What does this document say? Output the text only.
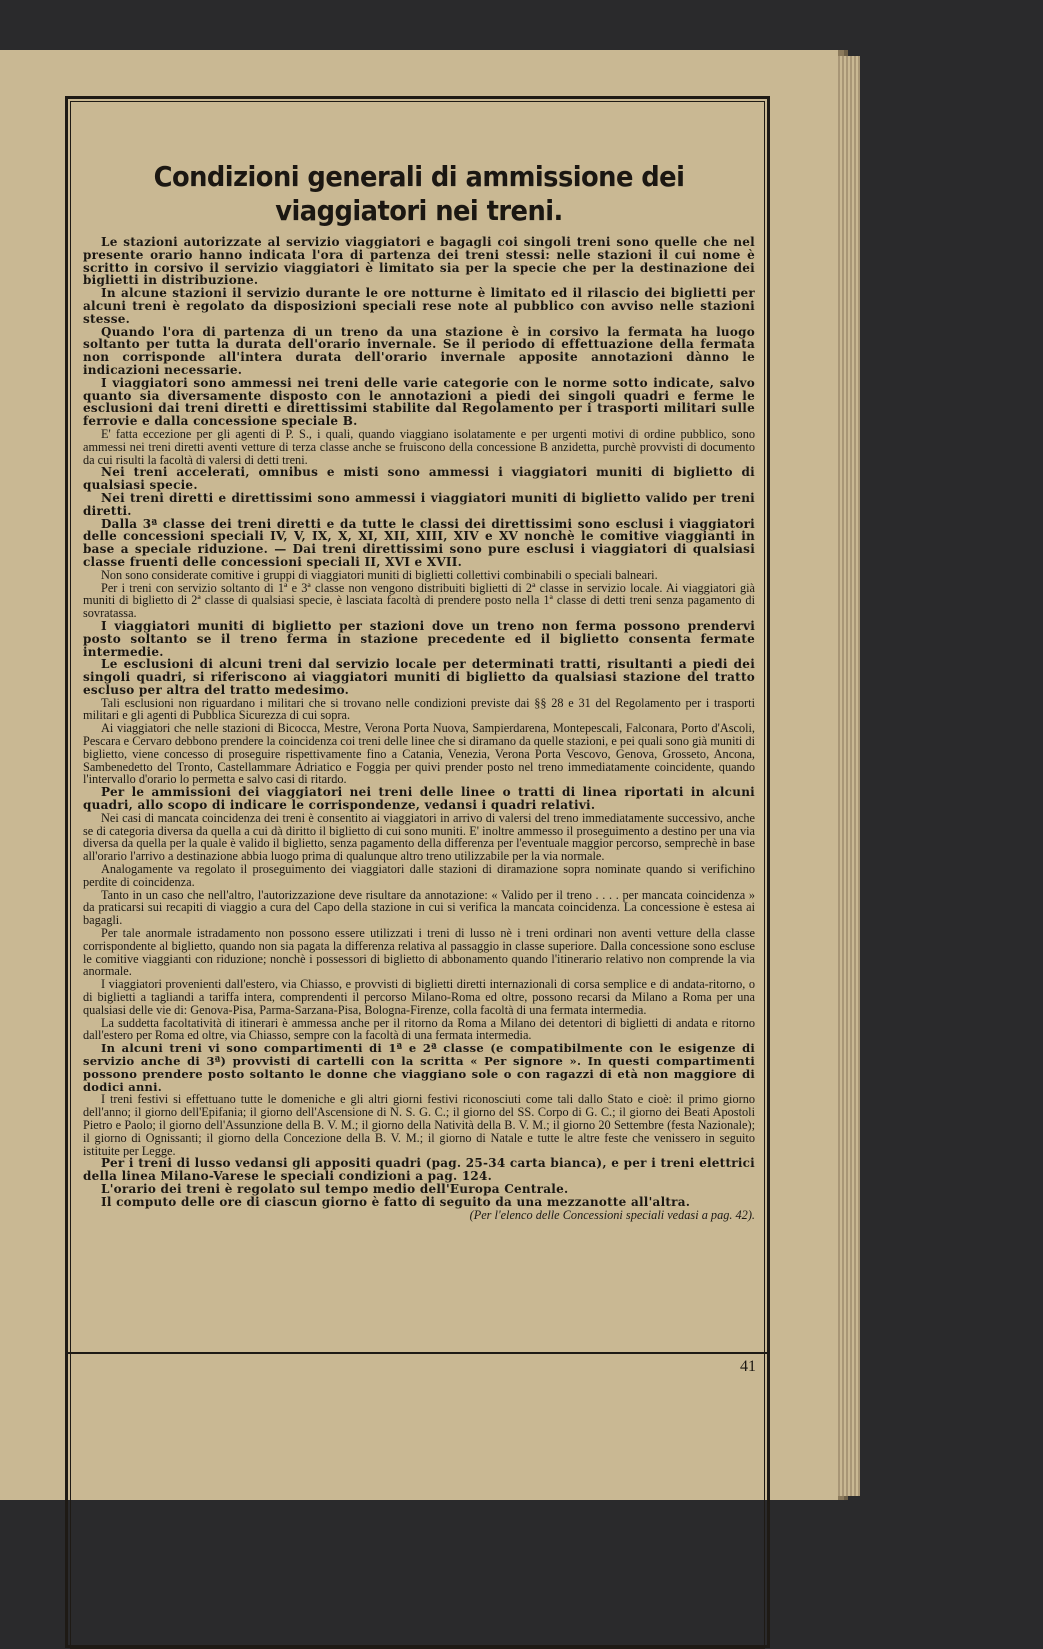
Condizioni generali di ammissione dei viaggiatori nei treni.

Le stazioni autorizzate al servizio viaggiatori e bagagli coi singoli treni sono quelle che nel presente orario hanno indicata l'ora di partenza dei treni stessi: nelle stazioni il cui nome è scritto in corsivo il servizio viaggiatori è limitato sia per la specie che per la destinazione dei biglietti in distribuzione.

In alcune stazioni il servizio durante le ore notturne è limitato ed il rilascio dei biglietti per alcuni treni è regolato da disposizioni speciali rese note al pubblico con avviso nelle stazioni stesse.

Quando l'ora di partenza di un treno da una stazione è in corsivo la fermata ha luogo soltanto per tutta la durata dell'orario invernale. Se il periodo di effettuazione della fermata non corrisponde all'intera durata dell'orario invernale apposite annotazioni dànno le indicazioni necessarie.

I viaggiatori sono ammessi nei treni delle varie categorie con le norme sotto indicate, salvo quanto sia diversamente disposto con le annotazioni a piedi dei singoli quadri e ferme le esclusioni dai treni diretti e direttissimi stabilite dal Regolamento per i trasporti militari sulle ferrovie e dalla concessione speciale B.

E' fatta eccezione per gli agenti di P. S., i quali, quando viaggiano isolatamente e per urgenti motivi di ordine pubblico, sono ammessi nei treni diretti aventi vetture di terza classe anche se fruiscono della concessione B anzidetta, purchè provvisti di documento da cui risulti la facoltà di valersi di detti treni.

Nei treni accelerati, omnibus e misti sono ammessi i viaggiatori muniti di biglietto di qualsiasi specie.

Nei treni diretti e direttissimi sono ammessi i viaggiatori muniti di biglietto valido per treni diretti.

Dalla 3ª classe dei treni diretti e da tutte le classi dei direttissimi sono esclusi i viaggiatori delle concessioni speciali IV, V, IX, X, XI, XII, XIII, XIV e XV nonchè le comitive viaggianti in base a speciale riduzione. — Dai treni direttissimi sono pure esclusi i viaggiatori di qualsiasi classe fruenti delle concessioni speciali II, XVI e XVII.

Non sono considerate comitive i gruppi di viaggiatori muniti di biglietti collettivi combinabili o speciali balneari.

Per i treni con servizio soltanto di 1ª e 3ª classe non vengono distribuiti biglietti di 2ª classe in servizio locale. Ai viaggiatori già muniti di biglietto di 2ª classe di qualsiasi specie, è lasciata facoltà di prendere posto nella 1ª classe di detti treni senza pagamento di sovratassa.

I viaggiatori muniti di biglietto per stazioni dove un treno non ferma possono prendervi posto soltanto se il treno ferma in stazione precedente ed il biglietto consenta fermate intermedie.

Le esclusioni di alcuni treni dal servizio locale per determinati tratti, risultanti a piedi dei singoli quadri, si riferiscono ai viaggiatori muniti di biglietto da qualsiasi stazione del tratto escluso per altra del tratto medesimo.

Tali esclusioni non riguardano i militari che si trovano nelle condizioni previste dai §§ 28 e 31 del Regolamento per i trasporti militari e gli agenti di Pubblica Sicurezza di cui sopra.

Ai viaggiatori che nelle stazioni di Bicocca, Mestre, Verona Porta Nuova, Sampierdarena, Montepescali, Falconara, Porto d'Ascoli, Pescara e Cervaro debbono prendere la coincidenza coi treni delle linee che si diramano da quelle stazioni, e pei quali sono già muniti di biglietto, viene concesso di proseguire rispettivamente fino a Catania, Venezia, Verona Porta Vescovo, Genova, Grosseto, Ancona, Sambenedetto del Tronto, Castellammare Adriatico e Foggia per quivi prender posto nel treno immediatamente coincidente, quando l'intervallo d'orario lo permetta e salvo casi di ritardo.

Per le ammissioni dei viaggiatori nei treni delle linee o tratti di linea riportati in alcuni quadri, allo scopo di indicare le corrispondenze, vedansi i quadri relativi.

Nei casi di mancata coincidenza dei treni è consentito ai viaggiatori in arrivo di valersi del treno immediatamente successivo, anche se di categoria diversa da quella a cui dà diritto il biglietto di cui sono muniti. E' inoltre ammesso il proseguimento a destino per una via diversa da quella per la quale è valido il biglietto, senza pagamento della differenza per l'eventuale maggior percorso, semprechè in base all'orario l'arrivo a destinazione abbia luogo prima di qualunque altro treno utilizzabile per la via normale.

Analogamente va regolato il proseguimento dei viaggiatori dalle stazioni di diramazione sopra nominate quando si verifichino perdite di coincidenza.

Tanto in un caso che nell'altro, l'autorizzazione deve risultare da annotazione: « Valido per il treno . . . . per mancata coincidenza » da praticarsi sui recapiti di viaggio a cura del Capo della stazione in cui si verifica la mancata coincidenza. La concessione è estesa ai bagagli.

Per tale anormale istradamento non possono essere utilizzati i treni di lusso nè i treni ordinari non aventi vetture della classe corrispondente al biglietto, quando non sia pagata la differenza relativa al passaggio in classe superiore. Dalla concessione sono escluse le comitive viaggianti con riduzione; nonchè i possessori di biglietto di abbonamento quando l'itinerario relativo non comprende la via anormale.

I viaggiatori provenienti dall'estero, via Chiasso, e provvisti di biglietti diretti internazionali di corsa semplice e di andata-ritorno, o di biglietti a tagliandi a tariffa intera, comprendenti il percorso Milano-Roma ed oltre, possono recarsi da Milano a Roma per una qualsiasi delle vie di: Genova-Pisa, Parma-Sarzana-Pisa, Bologna-Firenze, colla facoltà di una fermata intermedia.

La suddetta facoltatività di itinerari è ammessa anche per il ritorno da Roma a Milano dei detentori di biglietti di andata e ritorno dall'estero per Roma ed oltre, via Chiasso, sempre con la facoltà di una fermata intermedia.

In alcuni treni vi sono compartimenti di 1ª e 2ª classe (e compatibilmente con le esigenze di servizio anche di 3ª) provvisti di cartelli con la scritta « Per signore ». In questi compartimenti possono prendere posto soltanto le donne che viaggiano sole o con ragazzi di età non maggiore di dodici anni.

I treni festivi si effettuano tutte le domeniche e gli altri giorni festivi riconosciuti come tali dallo Stato e cioè: il primo giorno dell'anno; il giorno dell'Epifania; il giorno dell'Ascensione di N. S. G. C.; il giorno del SS. Corpo di G. C.; il giorno dei Beati Apostoli Pietro e Paolo; il giorno dell'Assunzione della B. V. M.; il giorno della Natività della B. V. M.; il giorno 20 Settembre (festa Nazionale); il giorno di Ognissanti; il giorno della Concezione della B. V. M.; il giorno di Natale e tutte le altre feste che venissero in seguito istituite per Legge.

Per i treni di lusso vedansi gli appositi quadri (pag. 25-34 carta bianca), e per i treni elettrici della linea Milano-Varese le speciali condizioni a pag. 124.

L'orario dei treni è regolato sul tempo medio dell'Europa Centrale.

Il computo delle ore di ciascun giorno è fatto di seguito da una mezzanotte all'altra.

(Per l'elenco delle Concessioni speciali vedasi a pag. 42).

41
